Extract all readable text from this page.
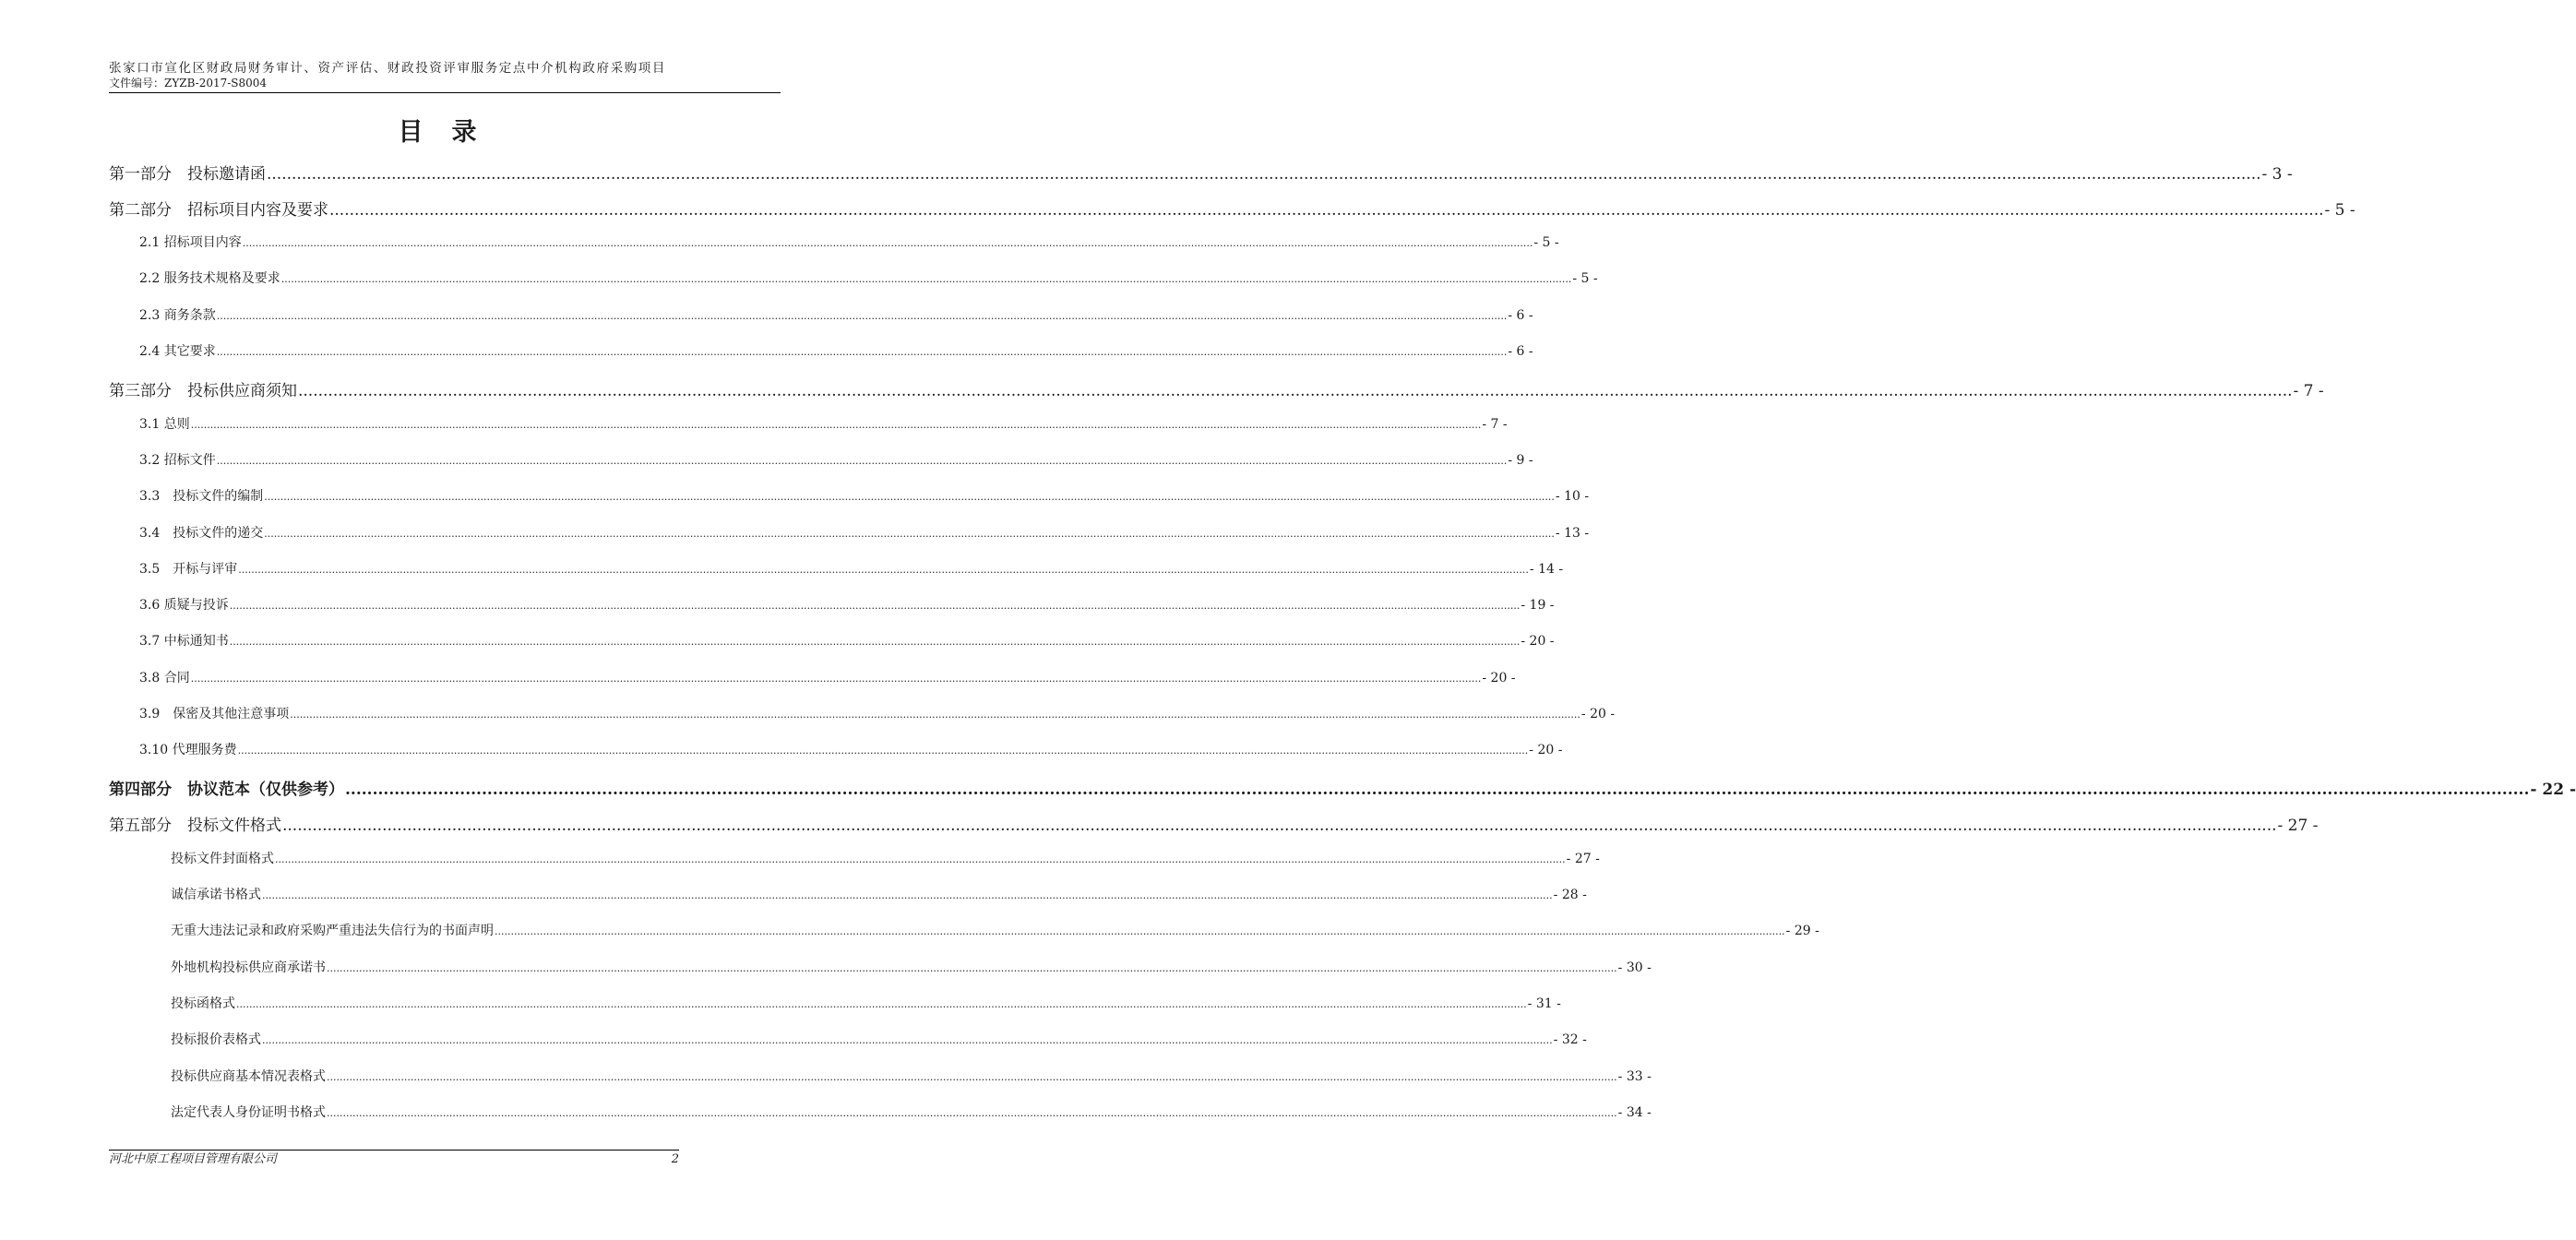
张家口市宣化区财政局财务审计、资产评估、财政投资评审服务定点中介机构政府采购项目
文件编号：ZYZB-2017-S8004
目　录
第一部分　投标邀请函 ................................................................................................................................................................................................................................................................................................................................................................................................................ - 3 -
第二部分　招标项目内容及要求 ................................................................................................................................................................................................................................................................................................................................................................................................................ - 5 -
2.1 招标项目内容 ................................................................................................................................................................................................................................................................................................................................................................................................................ - 5 -
2.2 服务技术规格及要求 ................................................................................................................................................................................................................................................................................................................................................................................................................ - 5 -
2.3 商务条款 ................................................................................................................................................................................................................................................................................................................................................................................................................ - 6 -
2.4 其它要求 ................................................................................................................................................................................................................................................................................................................................................................................................................ - 6 -
第三部分　投标供应商须知 ................................................................................................................................................................................................................................................................................................................................................................................................................ - 7 -
3.1 总则 ................................................................................................................................................................................................................................................................................................................................................................................................................ - 7 -
3.2 招标文件 ................................................................................................................................................................................................................................................................................................................................................................................................................ - 9 -
3.3　投标文件的编制 ................................................................................................................................................................................................................................................................................................................................................................................................................ - 10 -
3.4　投标文件的递交 ................................................................................................................................................................................................................................................................................................................................................................................................................ - 13 -
3.5　开标与评审 ................................................................................................................................................................................................................................................................................................................................................................................................................ - 14 -
3.6 质疑与投诉 ................................................................................................................................................................................................................................................................................................................................................................................................................ - 19 -
3.7 中标通知书 ................................................................................................................................................................................................................................................................................................................................................................................................................ - 20 -
3.8 合同 ................................................................................................................................................................................................................................................................................................................................................................................................................ - 20 -
3.9　保密及其他注意事项 ................................................................................................................................................................................................................................................................................................................................................................................................................ - 20 -
3.10 代理服务费 ................................................................................................................................................................................................................................................................................................................................................................................................................ - 20 -
第四部分　协议范本（仅供参考） ................................................................................................................................................................................................................................................................................................................................................................................................................ - 22 -
第五部分　投标文件格式 ................................................................................................................................................................................................................................................................................................................................................................................................................ - 27 -
投标文件封面格式 ................................................................................................................................................................................................................................................................................................................................................................................................................ - 27 -
诚信承诺书格式 ................................................................................................................................................................................................................................................................................................................................................................................................................ - 28 -
无重大违法记录和政府采购严重违法失信行为的书面声明 ................................................................................................................................................................................................................................................................................................................................................................................................................ - 29 -
外地机构投标供应商承诺书 ................................................................................................................................................................................................................................................................................................................................................................................................................ - 30 -
投标函格式 ................................................................................................................................................................................................................................................................................................................................................................................................................ - 31 -
投标报价表格式 ................................................................................................................................................................................................................................................................................................................................................................................................................ - 32 -
投标供应商基本情况表格式 ................................................................................................................................................................................................................................................................................................................................................................................................................ - 33 -
法定代表人身份证明书格式 ................................................................................................................................................................................................................................................................................................................................................................................................................ - 34 -
河北中原工程项目管理有限公司	2
